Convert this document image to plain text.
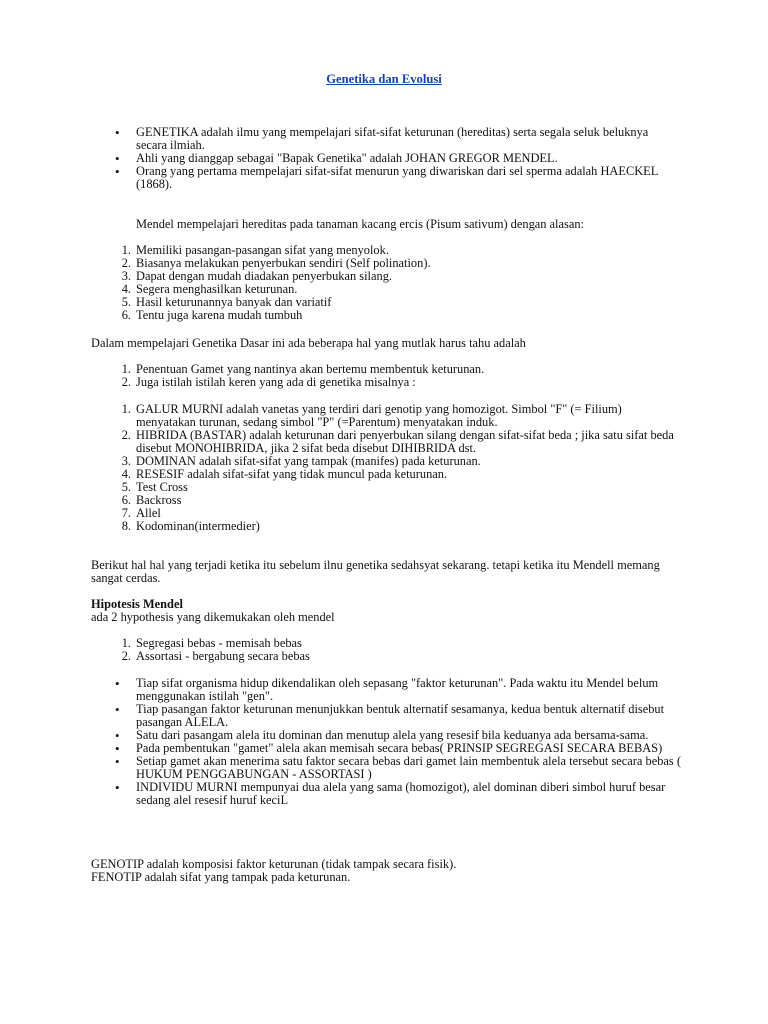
Genetika dan Evolusi
• GENETIKA adalah ilmu yang mempelajari sifat-sifat keturunan (hereditas) serta segala seluk beluknya secara ilmiah.
• Ahli yang dianggap sebagai "Bapak Genetika" adalah JOHAN GREGOR MENDEL.
• Orang yang pertama mempelajari sifat-sifat menurun yang diwariskan dari sel sperma adalah HAECKEL (1868).
Mendel mempelajari hereditas pada tanaman kacang ercis (Pisum sativum) dengan alasan:
1. Memiliki pasangan-pasangan sifat yang menyolok.
2. Biasanya melakukan penyerbukan sendiri (Self polination).
3. Dapat dengan mudah diadakan penyerbukan silang.
4. Segera menghasilkan keturunan.
5. Hasil keturunannya banyak dan variatif
6. Tentu juga karena mudah tumbuh
Dalam mempelajari Genetika Dasar ini ada beberapa hal yang mutlak harus tahu adalah
1. Penentuan Gamet yang nantinya akan bertemu membentuk keturunan.
2. Juga istilah istilah keren yang ada di genetika misalnya :
1. GALUR MURNI adalah vanetas yang terdiri dari genotip yang homozigot. Simbol "F" (= Filium) menyatakan turunan, sedang simbol "P" (=Parentum) menyatakan induk.
2. HIBRIDA (BASTAR) adalah keturunan dari penyerbukan silang dengan sifat-sifat beda ; jika satu sifat beda disebut MONOHIBRIDA, jika 2 sifat beda disebut DIHIBRIDA dst.
3. DOMINAN adalah sifat-sifat yang tampak (manifes) pada keturunan.
4. RESESIF adalah sifat-sifat yang tidak muncul pada keturunan.
5. Test Cross
6. Backross
7. Allel
8. Kodominan(intermedier)
Berikut hal hal yang terjadi ketika itu sebelum ilnu genetika sedahsyat sekarang. tetapi ketika itu Mendell memang sangat cerdas.
Hipotesis Mendel
ada 2 hypothesis yang dikemukakan oleh mendel
1. Segregasi bebas - memisah bebas
2. Assortasi - bergabung secara bebas
• Tiap sifat organisma hidup dikendalikan oleh sepasang "faktor keturunan". Pada waktu itu Mendel belum menggunakan istilah "gen".
• Tiap pasangan faktor keturunan menunjukkan bentuk alternatif sesamanya, kedua bentuk alternatif disebut pasangan ALELA.
• Satu dari pasangam alela itu dominan dan menutup alela yang resesif bila keduanya ada bersama-sama.
• Pada pembentukan "gamet" alela akan memisah secara bebas( PRINSIP SEGREGASI SECARA BEBAS)
• Setiap gamet akan menerima satu faktor secara bebas dari gamet lain membentuk alela tersebut secara bebas ( HUKUM PENGGABUNGAN - ASSORTASI )
• INDIVIDU MURNI mempunyai dua alela yang sama (homozigot), alel dominan diberi simbol huruf besar sedang alel resesif huruf keciL
GENOTIP adalah komposisi faktor keturunan (tidak tampak secara fisik).
FENOTIP adalah sifat yang tampak pada keturunan.
